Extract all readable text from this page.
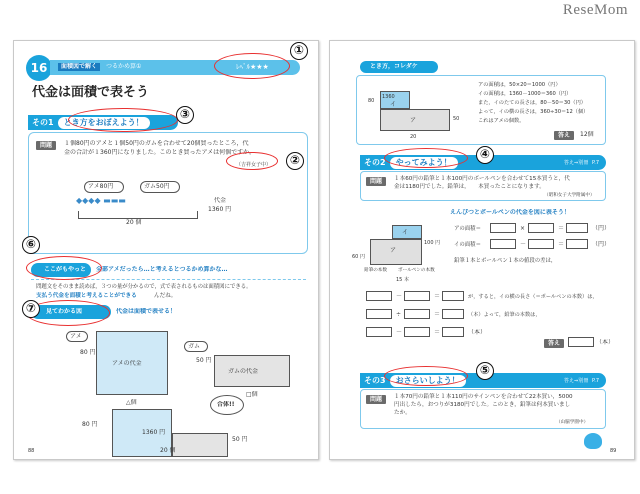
ReseMom
16	面積図で解く	つるかめ算①	ﾚﾍﾞﾙ★★★
代金は面積で表そう
その1 とき方をおぼえよう！
問題	１個80円のアメと１個50円のガムを合わせて20個買ったところ，代
金の合計が１360円になりました。このとき買ったアメは何個ですか。
（吉祥女子中）
アメ80円	ガム50円
◆◆◆◆ ▬▬▬
20 個
代金
1360 円
ここがもやっと 全部アメだったら…と考えるとつるかめ算かな…
問題文をそのまま読めば，３つの量が分かるので，式で表されるものは面積図にできる。
支払う代金を面積と考えることができる	んだね。
見てわかる図	代金は面積で表せる！
アメ
80 円
アメの代金
△個
ガム
50 円
ガムの代金
□個
合体!!
80 円
1360 円
50 円
20 個
88
とき方，コレダケ
1360
イ
ア
80
50
20
アの面積は，50×20＝1000（円）
イの面積は，1360－1000＝360（円）
また，イのたての長さは，80－50＝30（円）
よって，イの横の長さは，360÷30＝12（個）
これはアメの個数。
答え	12個
その2 やってみよう！	答え⇒別冊 P.7
問題	１本60円の鉛筆と１本100円のボールペンを合わせて15本買うと，代
金は1180円でした。鉛筆は，　　本買ったことになります。
（昭和女子大学附属中）
えんぴつとボールペンの代金を図に表そう！
イ
ア
100 円
60 円
鉛筆の本数 ボールペンの本数
15 本
アの面積＝	×	＝	（円）
イの面積＝	－	＝	（円）
鉛筆１本とボールペン１本の値段の差は，
－	＝	が，すると，イの横の長さ（＝ボールペンの本数）は，
÷	＝	（本）よって，鉛筆の本数は，
－	＝	（本）
答え	（本）
その3 おさらいしよう！	答え⇒別冊 P.7
問題	１本70円の鉛筆と１本110円のサインペンを合わせて22本買い，5000
円出したら，おつりが3180円でした。このとき，鉛筆は何本買いまし
たか。
（山脇学園中）
89
①
②
③
④
⑤
⑥
⑦
